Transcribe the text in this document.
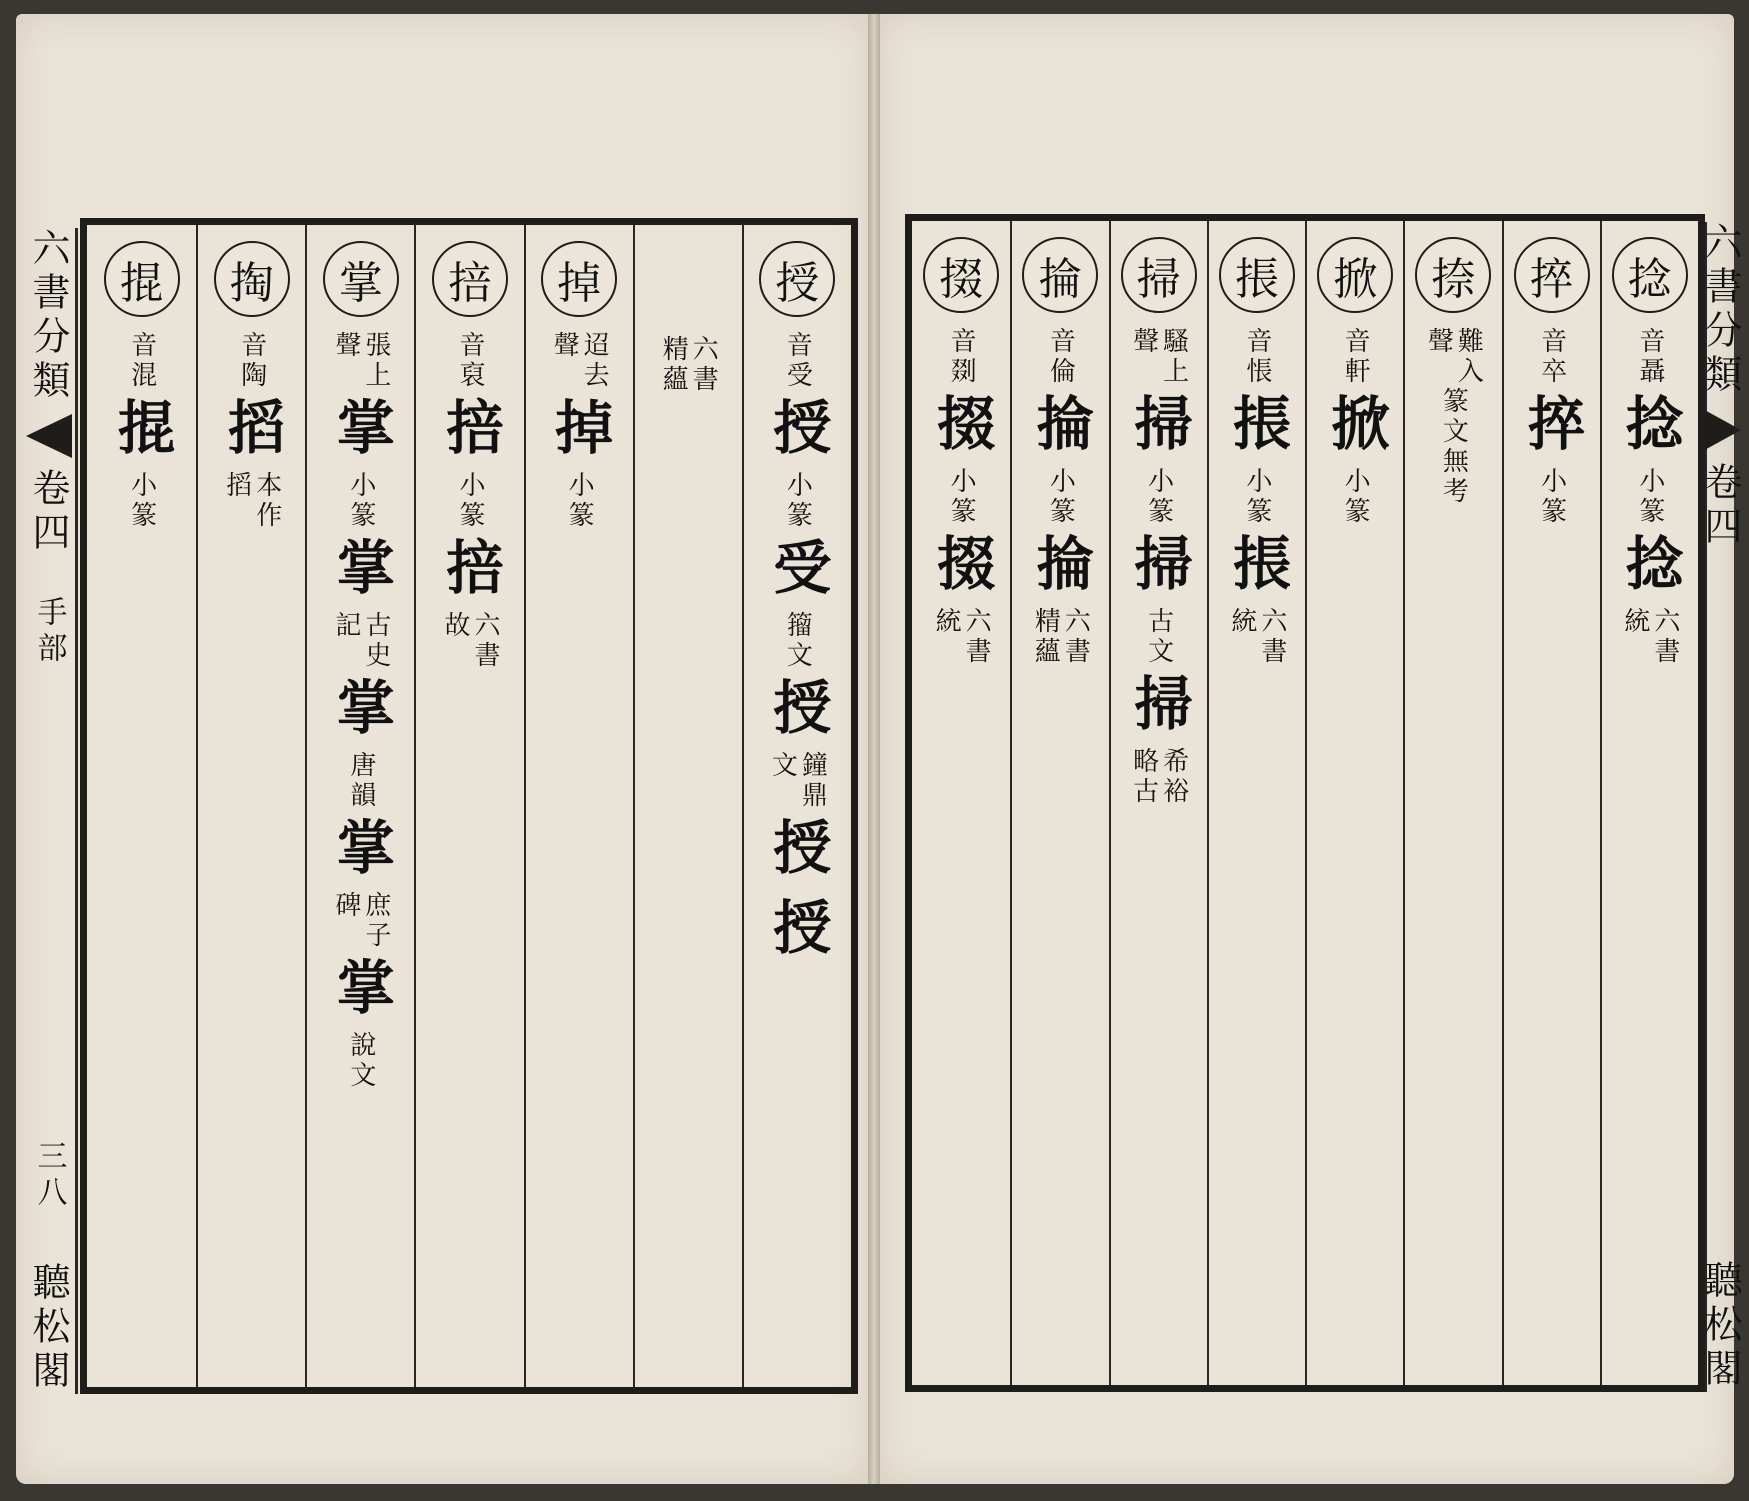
六書分類
卷四
手部
三八
聽松閣
六書分類
卷四
聽松閣
授
音受
授
小篆
受
籀文
授
鐘鼎
文
授
授
六書
精蘊
掉
迢去
聲
掉
小篆
掊
音裒
掊
小篆
掊
六書
故
掌
張上
聲
掌
小篆
掌
古史
記
掌
唐韻
掌
庶子
碑
掌
說文
掏
音陶
搯
本作
搯
掍
音混
掍
小篆
捻
音聶
捻
小篆
捻
六書
統
捽
音卒
捽
小篆
捺
難入
聲
篆文無考
掀
音軒
掀
小篆
掁
音悵
掁
小篆
掁
六書
統
掃
騷上
聲
掃
小篆
掃
古文
掃
希裕
略古
掄
音倫
掄
小篆
掄
六書
精蘊
掇
音剟
掇
小篆
掇
六書
統
